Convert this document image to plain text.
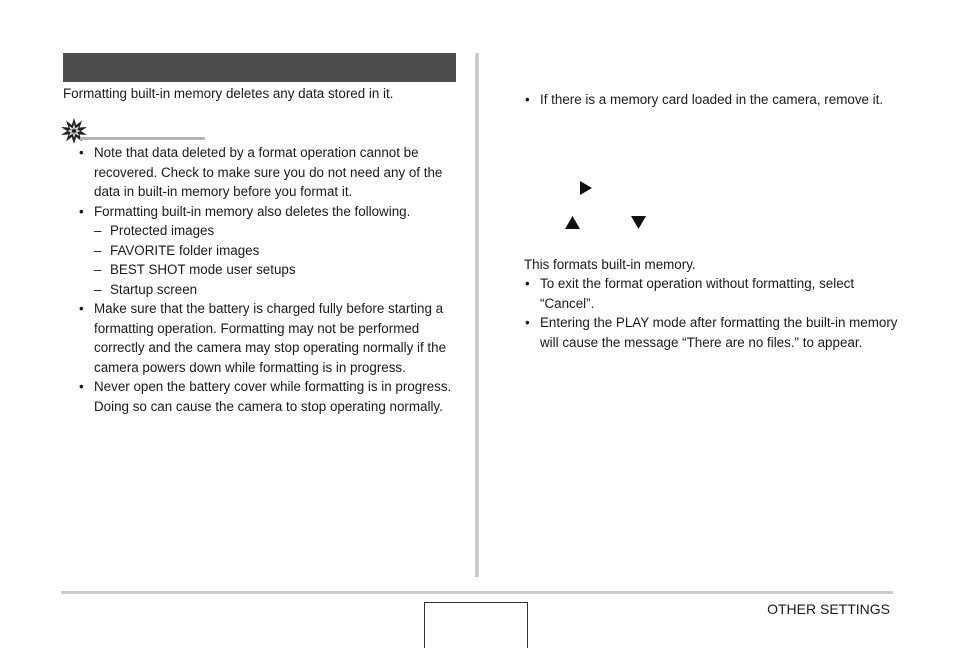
Formatting built-in memory deletes any data stored in it.
• Note that data deleted by a format operation cannot be recovered. Check to make sure you do not need any of the data in built-in memory before you format it.
• Formatting built-in memory also deletes the following.
– Protected images
– FAVORITE folder images
– BEST SHOT mode user setups
– Startup screen
• Make sure that the battery is charged fully before starting a formatting operation. Formatting may not be performed correctly and the camera may stop operating normally if the camera powers down while formatting is in progress.
• Never open the battery cover while formatting is in progress. Doing so can cause the camera to stop operating normally.
• If there is a memory card loaded in the camera, remove it.
This formats built-in memory.
• To exit the format operation without formatting, select “Cancel”.
• Entering the PLAY mode after formatting the built-in memory will cause the message “There are no files.” to appear.
OTHER SETTINGS
